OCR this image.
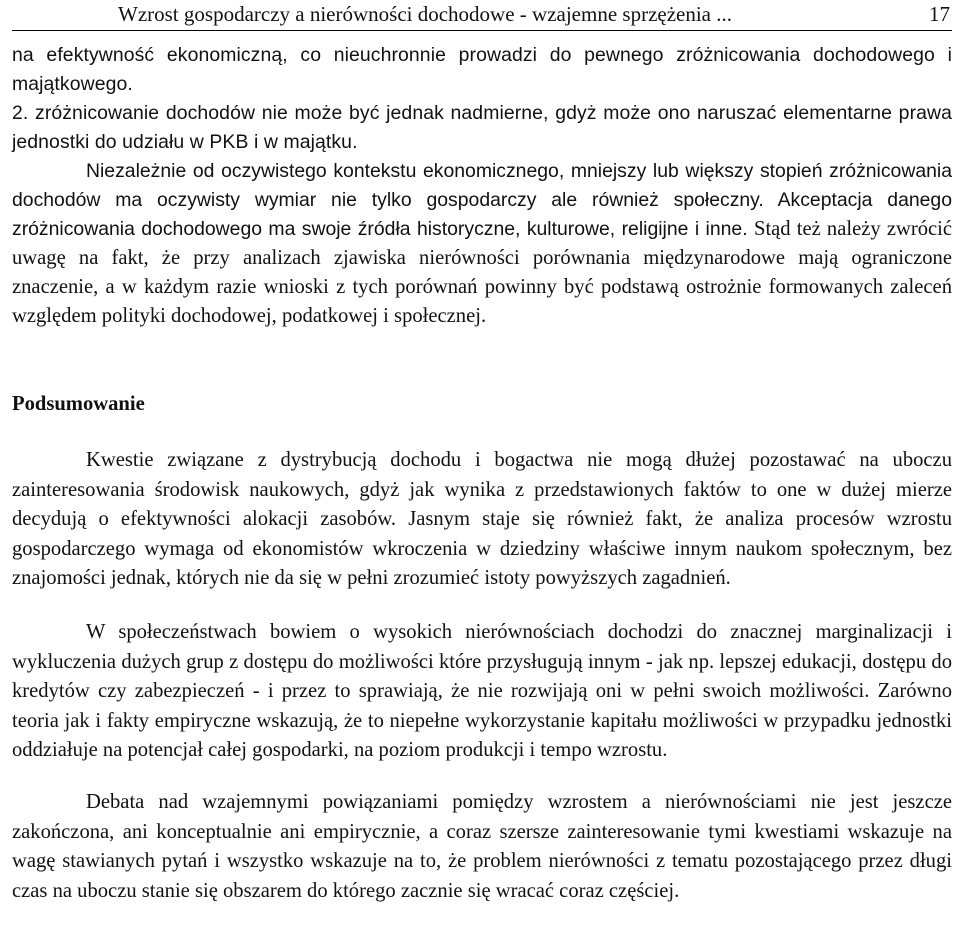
Wzrost gospodarczy a nierówności dochodowe - wzajemne sprzężenia ...	17

na efektywność ekonomiczną, co nieuchronnie prowadzi do pewnego zróżnicowania dochodowego i majątkowego.

2. zróżnicowanie dochodów nie może być jednak nadmierne, gdyż może ono naruszać elementarne prawa jednostki do udziału w PKB i w majątku.

Niezależnie od oczywistego kontekstu ekonomicznego, mniejszy lub większy stopień zróżnicowania dochodów ma oczywisty wymiar nie tylko gospodarczy ale również społeczny. Akceptacja danego zróżnicowania dochodowego ma swoje źródła historyczne, kulturowe, religijne i inne. Stąd też należy zwrócić uwagę na fakt, że przy analizach zjawiska nierówności porównania międzynarodowe mają ograniczone znaczenie, a w każdym razie wnioski z tych porównań powinny być podstawą ostrożnie formowanych zaleceń względem polityki dochodowej, podatkowej i społecznej.

Podsumowanie

Kwestie związane z dystrybucją dochodu i bogactwa nie mogą dłużej pozostawać na uboczu zainteresowania środowisk naukowych, gdyż jak wynika z przedstawionych faktów to one w dużej mierze decydują o efektywności alokacji zasobów. Jasnym staje się również fakt, że analiza procesów wzrostu gospodarczego wymaga od ekonomistów wkroczenia w dziedziny właściwe innym naukom społecznym, bez znajomości jednak, których nie da się w pełni zrozumieć istoty powyższych zagadnień.

W społeczeństwach bowiem o wysokich nierównościach dochodzi do znacznej marginalizacji i wykluczenia dużych grup z dostępu do możliwości które przysługują innym - jak np. lepszej edukacji, dostępu do kredytów czy zabezpieczeń - i przez to sprawiają, że nie rozwijają oni w pełni swoich możliwości. Zarówno teoria jak i fakty empiryczne wskazują, że to niepełne wykorzystanie kapitału możliwości w przypadku jednostki oddziałuje na potencjał całej gospodarki, na poziom produkcji i tempo wzrostu.

Debata nad wzajemnymi powiązaniami pomiędzy wzrostem a nierównościami nie jest jeszcze zakończona, ani konceptualnie ani empirycznie, a coraz szersze zainteresowanie tymi kwestiami wskazuje na wagę stawianych pytań i wszystko wskazuje na to, że problem nierówności z tematu pozostającego przez długi czas na uboczu stanie się obszarem do którego zacznie się wracać coraz częściej.
